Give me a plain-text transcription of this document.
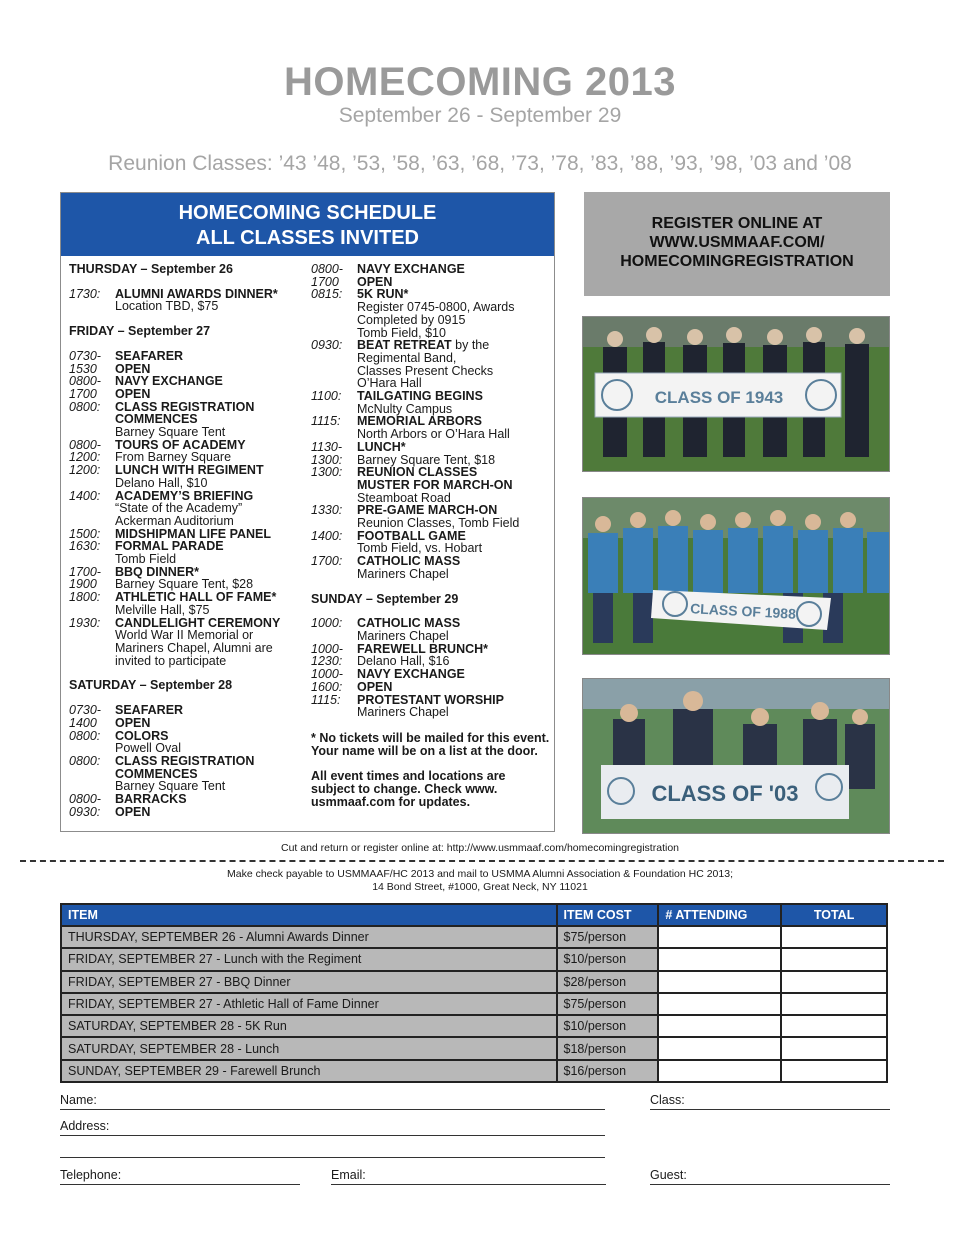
HOMECOMING 2013
September 26 - September 29
Reunion Classes: ’43 ’48, ’53, ’58, ’63, ’68, ’73, ’78, ’83, ’88, ’93, ’98, ’03 and ’08
HOMECOMING SCHEDULE
ALL CLASSES INVITED
THURSDAY – September 26
1730:	ALUMNI AWARDS DINNER*
Location TBD, $75
FRIDAY – September 27
0730-	SEAFARER
1530	OPEN
0800-	NAVY EXCHANGE
1700	OPEN
0800:	CLASS REGISTRATION
COMMENCES
Barney Square Tent
0800-	TOURS OF ACADEMY
1200:	From Barney Square
1200:	LUNCH WITH REGIMENT
Delano Hall, $10
1400:	ACADEMY’S BRIEFING
“State of the Academy”
Ackerman Auditorium
1500:	MIDSHIPMAN LIFE PANEL
1630:	FORMAL PARADE
Tomb Field
1700-	BBQ DINNER*
1900	Barney Square Tent, $28
1800:	ATHLETIC HALL OF FAME*
Melville Hall, $75
1930:	CANDLELIGHT CEREMONY
World War II Memorial or
Mariners Chapel, Alumni are
invited to participate
SATURDAY – September 28
0730-	SEAFARER
1400	OPEN
0800:	COLORS
Powell Oval
0800:	CLASS REGISTRATION
COMMENCES
Barney Square Tent
0800-	BARRACKS
0930:	OPEN
0800-	NAVY EXCHANGE
1700	OPEN
0815:	5K RUN*
Register 0745-0800, Awards
Completed by 0915
Tomb Field, $10
0930:	BEAT RETREAT by the
Regimental Band,
Classes Present Checks
O’Hara Hall
1100:	TAILGATING BEGINS
McNulty Campus
1115:	MEMORIAL ARBORS
North Arbors or O’Hara Hall
1130-	LUNCH*
1300:	Barney Square Tent, $18
1300:	REUNION CLASSES
MUSTER FOR MARCH-ON
Steamboat Road
1330:	PRE-GAME MARCH-ON
Reunion Classes, Tomb Field
1400:	FOOTBALL GAME
Tomb Field, vs. Hobart
1700:	CATHOLIC MASS
Mariners Chapel
SUNDAY – September 29
1000:	CATHOLIC MASS
Mariners Chapel
1000-	FAREWELL BRUNCH*
1230:	Delano Hall, $16
1000-	NAVY EXCHANGE
1600:	OPEN
1115:	PROTESTANT WORSHIP
Mariners Chapel
* No tickets will be mailed for this event. Your name will be on a list at the door.
All event times and locations are subject to change. Check www. usmmaaf.com for updates.
REGISTER ONLINE AT
WWW.USMMAAF.COM/
HOMECOMINGREGISTRATION
CLASS OF 1943
CLASS OF 1988
CLASS OF '03
Cut and return or register online at: http://www.usmmaaf.com/homecomingregistration
Make check payable to USMMAAF/HC 2013 and mail to USMMA Alumni Association & Foundation HC 2013;
14 Bond Street, #1000, Great Neck, NY 11021
ITEM	ITEM COST	# ATTENDING	TOTAL
THURSDAY, SEPTEMBER 26 - Alumni Awards Dinner	$75/person		
FRIDAY, SEPTEMBER 27 - Lunch with the Regiment	$10/person		
FRIDAY, SEPTEMBER 27 - BBQ Dinner	$28/person		
FRIDAY, SEPTEMBER 27 - Athletic Hall of Fame Dinner	$75/person		
SATURDAY, SEPTEMBER 28 - 5K Run	$10/person		
SATURDAY, SEPTEMBER 28 - Lunch	$18/person		
SUNDAY, SEPTEMBER 29 - Farewell Brunch	$16/person		
Name:	Class:
Address:
Telephone:	Email:	Guest:
